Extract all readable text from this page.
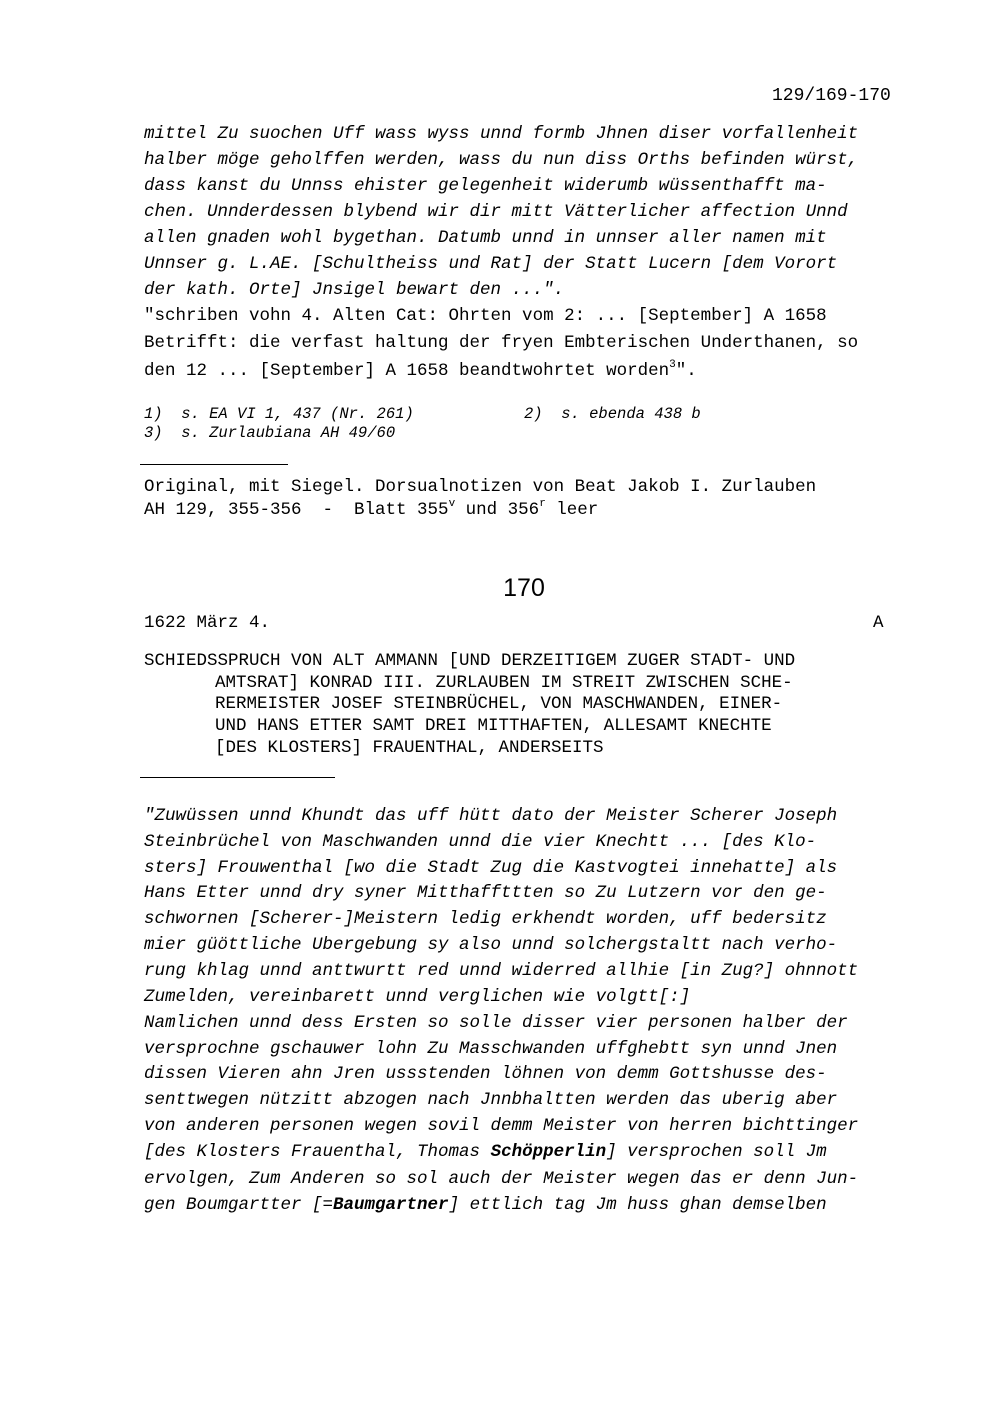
129/169-170
mittel Zu suochen Uff wass wyss unnd formb Jhnen diser vorfallenheit
halber möge geholffen werden, wass du nun diss Orths befinden würst,
dass kanst du Unnss ehister gelegenheit widerumb wüssenthafft ma-
chen. Unnderdessen blybend wir dir mitt Vätterlicher affection Unnd
allen gnaden wohl bygethan. Datumb unnd in unnser aller namen mit
Unnser g. L.AE. [Schultheiss und Rat] der Statt Lucern [dem Vorort
der kath. Orte] Jnsigel bewart den ...".
"schriben vohn 4. Alten Cat: Ohrten vom 2: ... [September] A 1658
Betrifft: die verfast haltung der fryen Embterischen Underthanen, so
den 12 ... [September] A 1658 beandtwohrtet worden$^3$".
1)  s. EA VI 1, 437 (Nr. 261)	2)  s. ebenda 438 b
3)  s. Zurlaubiana AH 49/60
Original, mit Siegel. Dorsualnotizen von Beat Jakob I. Zurlauben
AH 129, 355-356  -  Blatt 355$^v$ und 356$^r$ leer
170
1622 März 4.	A
SCHIEDSSPRUCH VON ALT AMMANN [UND DERZEITIGEM ZUGER STADT- UND
AMTSRAT] KONRAD III. ZURLAUBEN IM STREIT ZWISCHEN SCHE-
RERMEISTER JOSEF STEINBRÜCHEL, VON MASCHWANDEN, EINER-
UND HANS ETTER SAMT DREI MITTHAFTEN, ALLESAMT KNECHTE
[DES KLOSTERS] FRAUENTHAL, ANDERSEITS
"Zuwüssen unnd Khundt das uff hütt dato der Meister Scherer Joseph
Steinbrüchel von Maschwanden unnd die vier Knechtt ... [des Klo-
sters] Frouwenthal [wo die Stadt Zug die Kastvogtei innehatte] als
Hans Etter unnd dry syner Mitthaffttten so Zu Lutzern vor den ge-
schwornen [Scherer-]Meistern ledig erkhendt worden, uff bedersitz
mier güöttliche Ubergebung sy also unnd solchergstaltt nach verho-
rung khlag unnd anttwurtt red unnd widerred allhie [in Zug?] ohnnott
Zumelden, vereinbarett unnd verglichen wie volgtt[:]
Namlichen unnd dess Ersten so solle disser vier personen halber der
versprochne gschauwer lohn Zu Masschwanden uffghebtt syn unnd Jnen
dissen Vieren ahn Jren ussstenden löhnen von demm Gottshusse des-
senttwegen nützitt abzogen nach Jnnbhaltten werden das uberig aber
von anderen personen wegen sovil demm Meister von herren bichttinger
[des Klosters Frauenthal, Thomas Schöpperlin] versprochen soll Jm
ervolgen, Zum Anderen so sol auch der Meister wegen das er denn Jun-
gen Boumgartter [=Baumgartner] ettlich tag Jm huss ghan demselben
